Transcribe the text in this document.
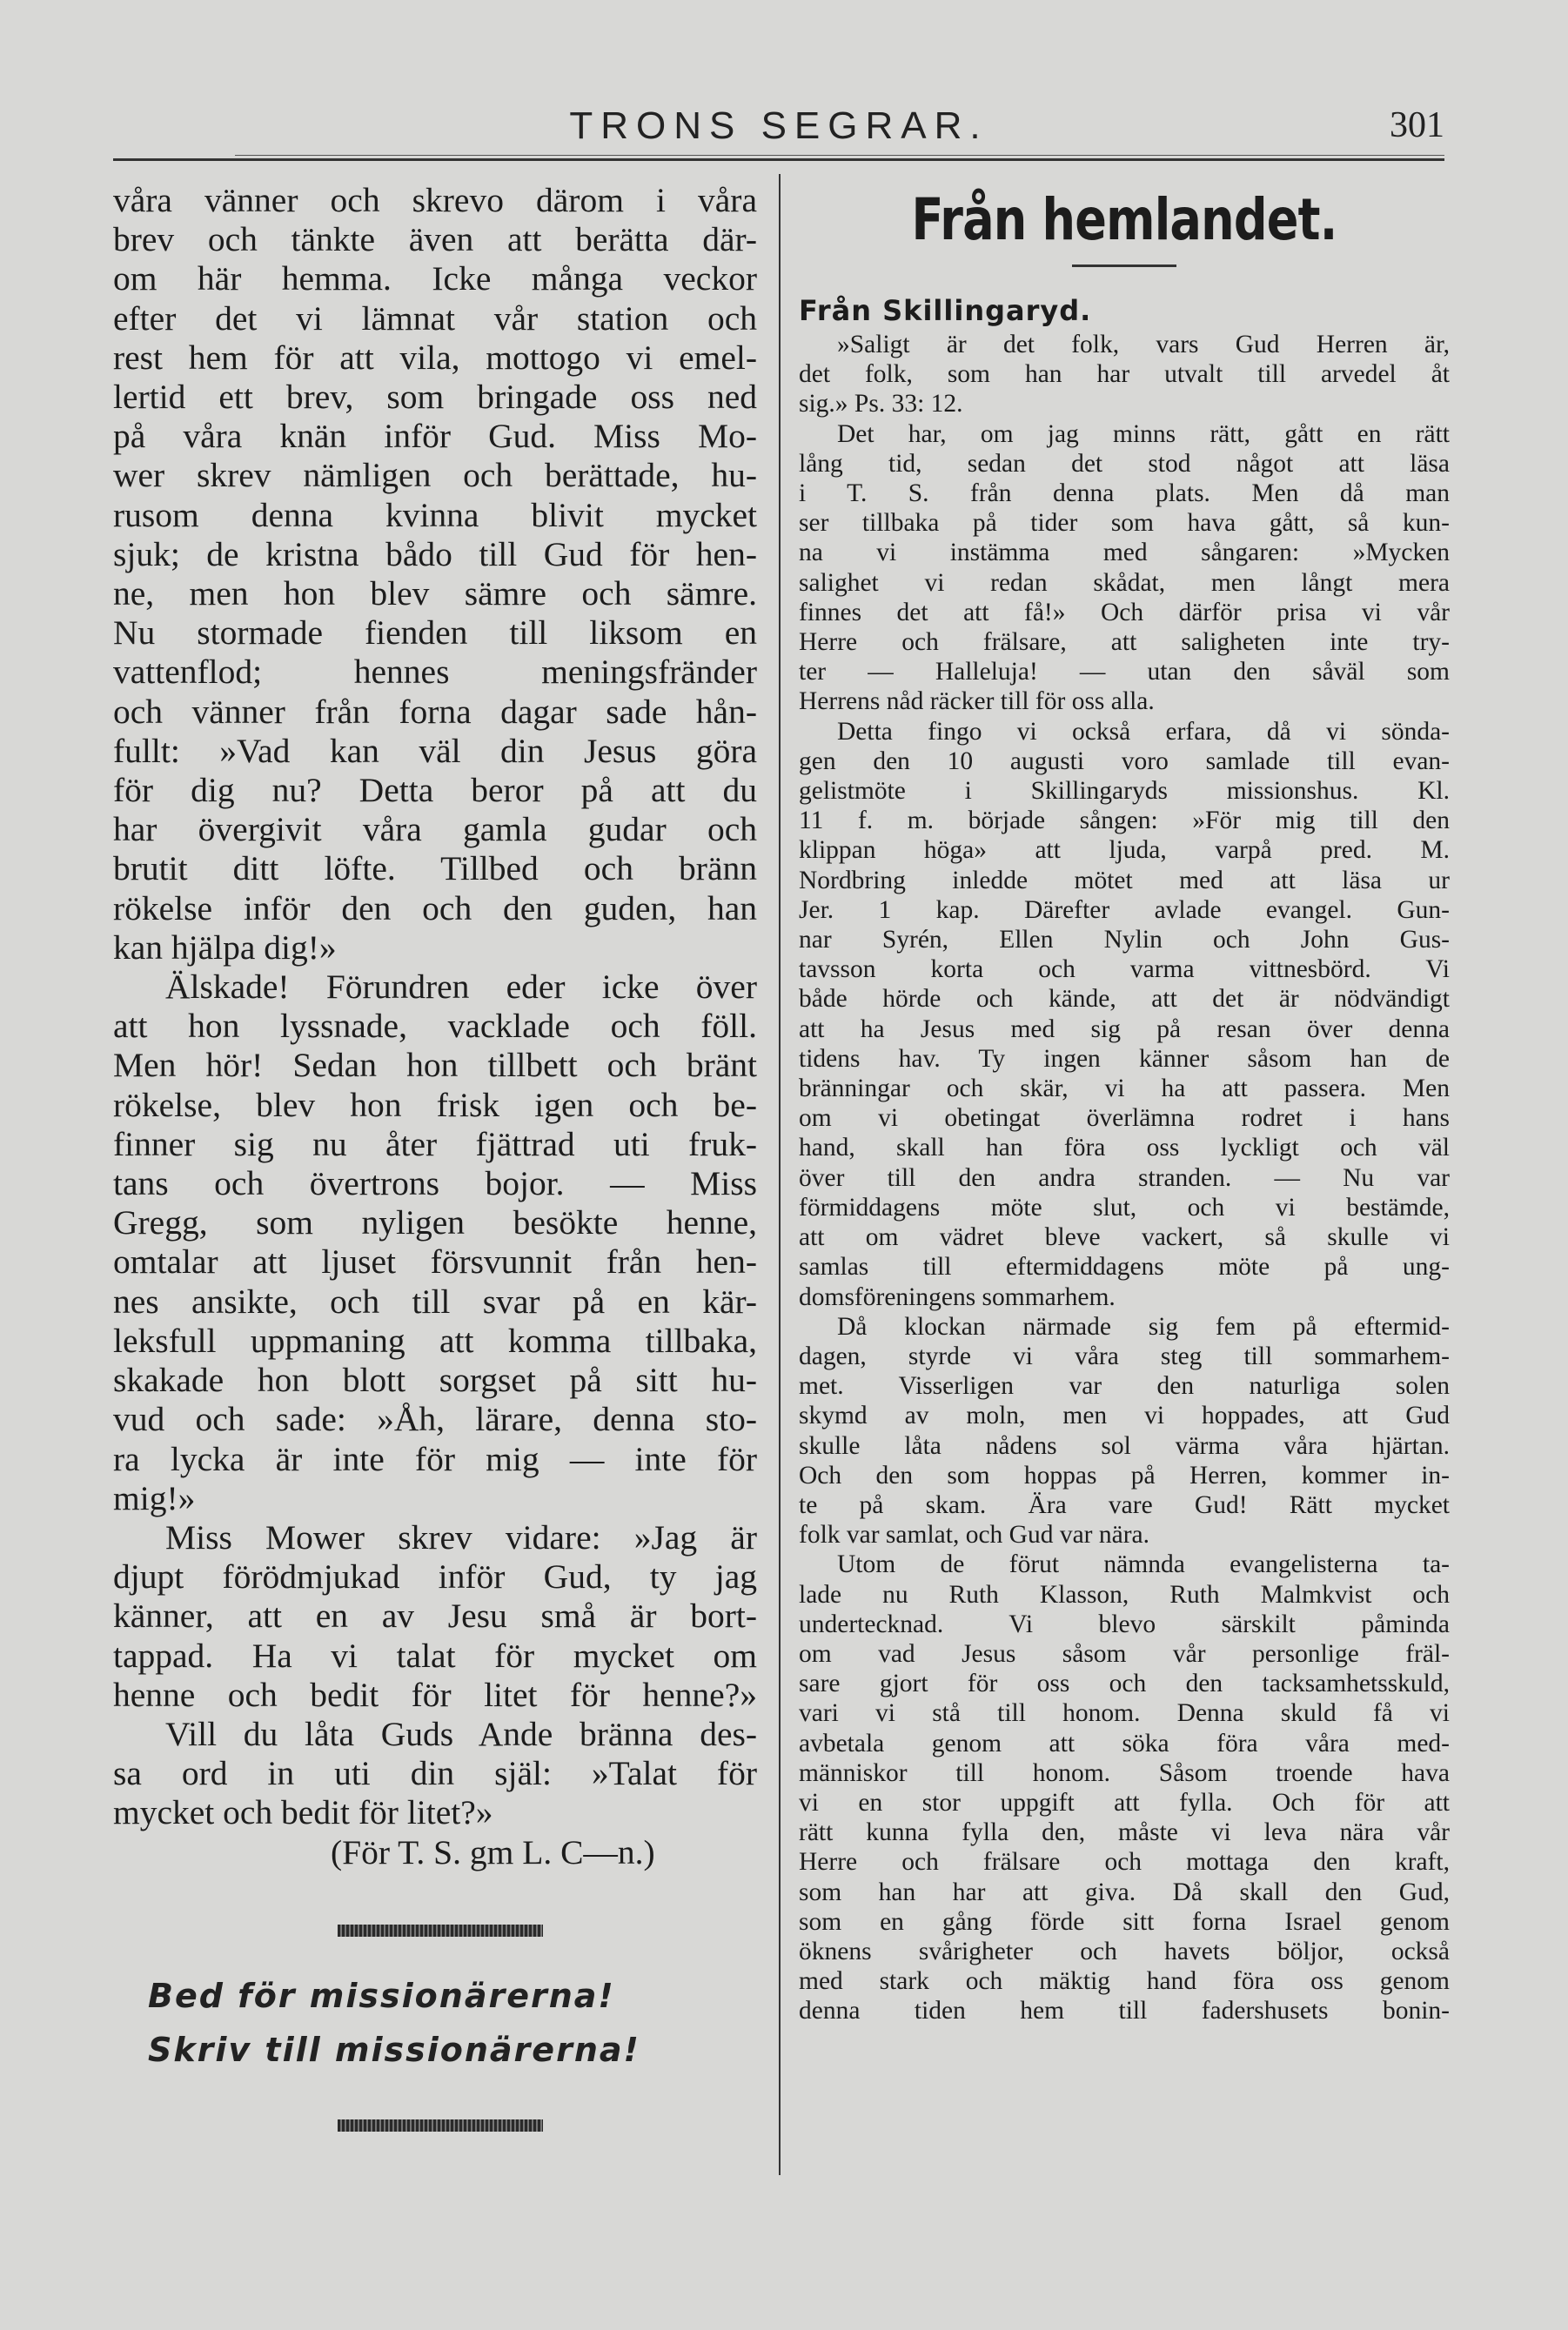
TRONS SEGRAR.	301
våra vänner och skrevo därom i våra
brev och tänkte även att berätta där-
om här hemma. Icke många veckor
efter det vi lämnat vår station och
rest hem för att vila, mottogo vi emel-
lertid ett brev, som bringade oss ned
på våra knän inför Gud. Miss Mo-
wer skrev nämligen och berättade, hu-
rusom denna kvinna blivit mycket
sjuk; de kristna bådo till Gud för hen-
ne, men hon blev sämre och sämre.
Nu stormade fienden till liksom en
vattenflod; hennes meningsfränder
och vänner från forna dagar sade hån-
fullt: »Vad kan väl din Jesus göra
för dig nu? Detta beror på att du
har övergivit våra gamla gudar och
brutit ditt löfte. Tillbed och bränn
rökelse inför den och den guden, han
kan hjälpa dig!»
Älskade! Förundren eder icke över
att hon lyssnade, vacklade och föll.
Men hör! Sedan hon tillbett och bränt
rökelse, blev hon frisk igen och be-
finner sig nu åter fjättrad uti fruk-
tans och övertrons bojor. — Miss
Gregg, som nyligen besökte henne,
omtalar att ljuset försvunnit från hen-
nes ansikte, och till svar på en kär-
leksfull uppmaning att komma tillbaka,
skakade hon blott sorgset på sitt hu-
vud och sade: »Åh, lärare, denna sto-
ra lycka är inte för mig — inte för
mig!»
Miss Mower skrev vidare: »Jag är
djupt förödmjukad inför Gud, ty jag
känner, att en av Jesu små är bort-
tappad. Ha vi talat för mycket om
henne och bedit för litet för henne?»
Vill du låta Guds Ande bränna des-
sa ord in uti din själ: »Talat för
mycket och bedit för litet?»
(För T. S. gm L. C—n.)
Bed för missionärerna!
Skriv till missionärerna!
Från hemlandet.
Från Skillingaryd.
»Saligt är det folk, vars Gud Herren är,
det folk, som han har utvalt till arvedel åt
sig.» Ps. 33: 12.
Det har, om jag minns rätt, gått en rätt
lång tid, sedan det stod något att läsa
i T. S. från denna plats. Men då man
ser tillbaka på tider som hava gått, så kun-
na vi instämma med sångaren: »Mycken
salighet vi redan skådat, men långt mera
finnes det att få!» Och därför prisa vi vår
Herre och frälsare, att saligheten inte try-
ter — Halleluja! — utan den såväl som
Herrens nåd räcker till för oss alla.
Detta fingo vi också erfara, då vi sönda-
gen den 10 augusti voro samlade till evan-
gelistmöte i Skillingaryds missionshus. Kl.
11 f. m. började sången: »För mig till den
klippan höga» att ljuda, varpå pred. M.
Nordbring inledde mötet med att läsa ur
Jer. 1 kap. Därefter avlade evangel. Gun-
nar Syrén, Ellen Nylin och John Gus-
tavsson korta och varma vittnesbörd. Vi
både hörde och kände, att det är nödvändigt
att ha Jesus med sig på resan över denna
tidens hav. Ty ingen känner såsom han de
bränningar och skär, vi ha att passera. Men
om vi obetingat överlämna rodret i hans
hand, skall han föra oss lyckligt och väl
över till den andra stranden. — Nu var
förmiddagens möte slut, och vi bestämde,
att om vädret bleve vackert, så skulle vi
samlas till eftermiddagens möte på ung-
domsföreningens sommarhem.
Då klockan närmade sig fem på eftermid-
dagen, styrde vi våra steg till sommarhem-
met. Visserligen var den naturliga solen
skymd av moln, men vi hoppades, att Gud
skulle låta nådens sol värma våra hjärtan.
Och den som hoppas på Herren, kommer in-
te på skam. Ära vare Gud! Rätt mycket
folk var samlat, och Gud var nära.
Utom de förut nämnda evangelisterna ta-
lade nu Ruth Klasson, Ruth Malmkvist och
undertecknad. Vi blevo särskilt påminda
om vad Jesus såsom vår personlige fräl-
sare gjort för oss och den tacksamhetsskuld,
vari vi stå till honom. Denna skuld få vi
avbetala genom att söka föra våra med-
människor till honom. Såsom troende hava
vi en stor uppgift att fylla. Och för att
rätt kunna fylla den, måste vi leva nära vår
Herre och frälsare och mottaga den kraft,
som han har att giva. Då skall den Gud,
som en gång förde sitt forna Israel genom
öknens svårigheter och havets böljor, också
med stark och mäktig hand föra oss genom
denna tiden hem till fadershusets bonin-
